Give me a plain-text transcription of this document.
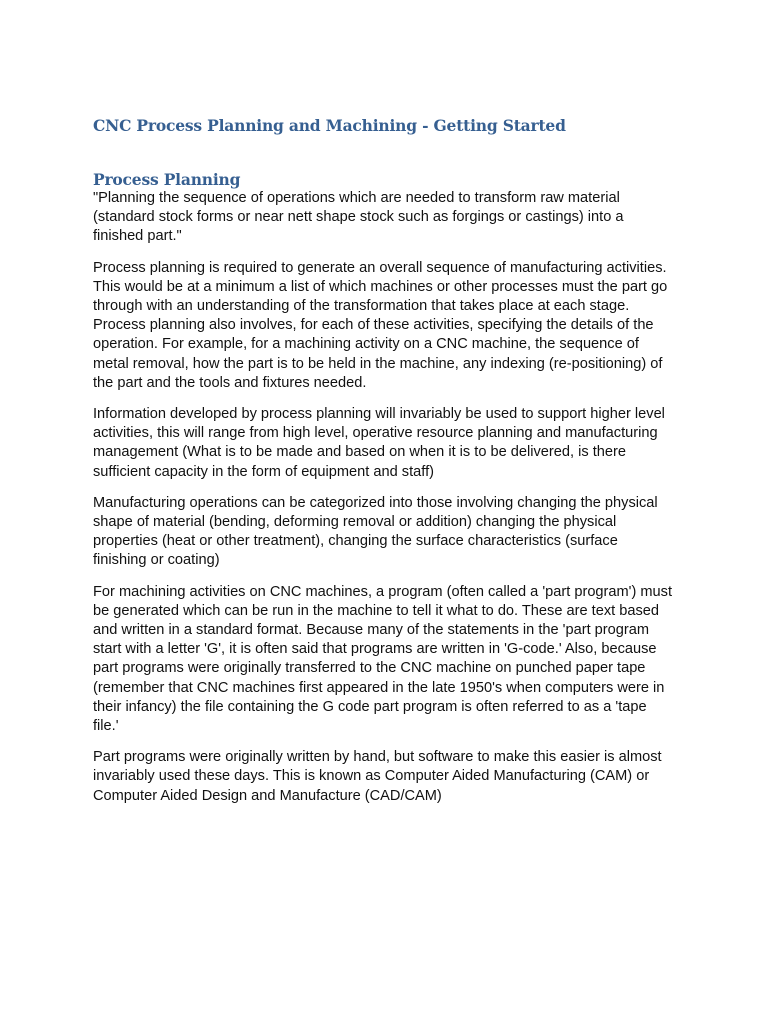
CNC Process Planning and Machining - Getting Started
Process Planning

"Planning the sequence of operations which are needed to transform raw material (standard stock forms or near nett shape stock such as forgings or castings) into a finished part."

Process planning is required to generate an overall sequence of manufacturing activities. This would be at a minimum a list of which machines or other processes must the part go through with an understanding of the transformation that takes place at each stage. Process planning also involves, for each of these activities, specifying the details of the operation. For example, for a machining activity on a CNC machine, the sequence of metal removal, how the part is to be held in the machine, any indexing (re-positioning) of the part and the tools and fixtures needed.

Information developed by process planning will invariably be used to support higher level activities, this will range from high level, operative resource planning and manufacturing management (What is to be made and based on when it is to be delivered, is there sufficient capacity in the form of equipment and staff)

Manufacturing operations can be categorized into those involving changing the physical shape of material (bending, deforming removal or addition) changing the physical properties (heat or other treatment), changing the surface characteristics (surface finishing or coating)

For machining activities on CNC machines, a program (often called a 'part program') must be generated which can be run in the machine to tell it what to do. These are text based and written in a standard format. Because many of the statements in the 'part program start with a letter 'G', it is often said that programs are written in 'G-code.' Also, because part programs were originally transferred to the CNC machine on punched paper tape (remember that CNC machines first appeared in the late 1950's when computers were in their infancy) the file containing the G code part program is often referred to as a 'tape file.'

Part programs were originally written by hand, but software to make this easier is almost invariably used these days. This is known as Computer Aided Manufacturing (CAM) or Computer Aided Design and Manufacture (CAD/CAM)
